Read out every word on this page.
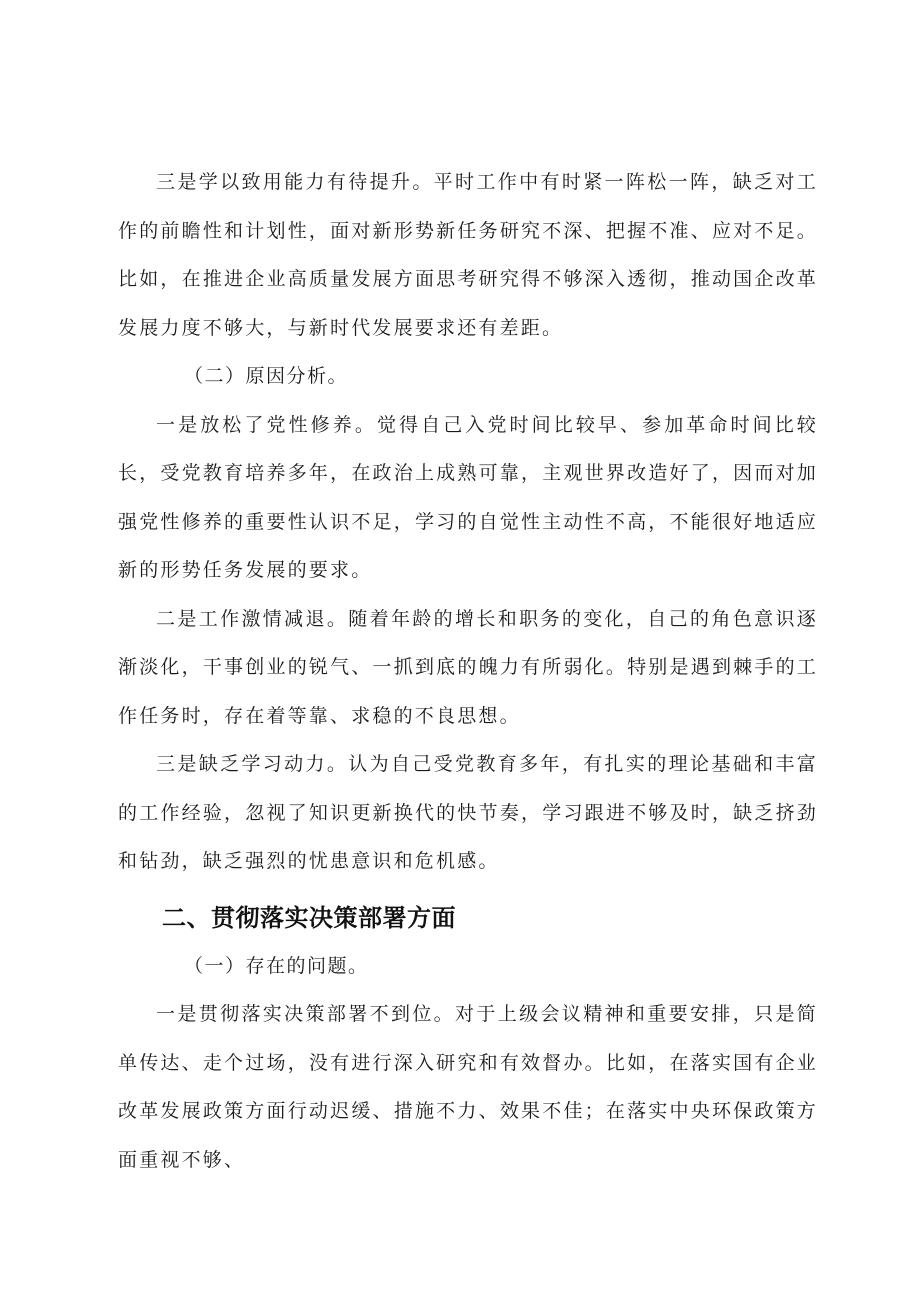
三是学以致用能力有待提升。平时工作中有时紧一阵松一阵，缺乏对工作的前瞻性和计划性，面对新形势新任务研究不深、把握不准、应对不足。比如，在推进企业高质量发展方面思考研究得不够深入透彻，推动国企改革发展力度不够大，与新时代发展要求还有差距。

（二）原因分析。

一是放松了党性修养。觉得自己入党时间比较早、参加革命时间比较长，受党教育培养多年，在政治上成熟可靠，主观世界改造好了，因而对加强党性修养的重要性认识不足，学习的自觉性主动性不高，不能很好地适应新的形势任务发展的要求。

二是工作激情减退。随着年龄的增长和职务的变化，自己的角色意识逐渐淡化，干事创业的锐气、一抓到底的魄力有所弱化。特别是遇到棘手的工作任务时，存在着等靠、求稳的不良思想。

三是缺乏学习动力。认为自己受党教育多年，有扎实的理论基础和丰富的工作经验，忽视了知识更新换代的快节奏，学习跟进不够及时，缺乏挤劲和钻劲，缺乏强烈的忧患意识和危机感。

二、贯彻落实决策部署方面

（一）存在的问题。

一是贯彻落实决策部署不到位。对于上级会议精神和重要安排，只是简单传达、走个过场，没有进行深入研究和有效督办。比如，在落实国有企业改革发展政策方面行动迟缓、措施不力、效果不佳；在落实中央环保政策方面重视不够、
